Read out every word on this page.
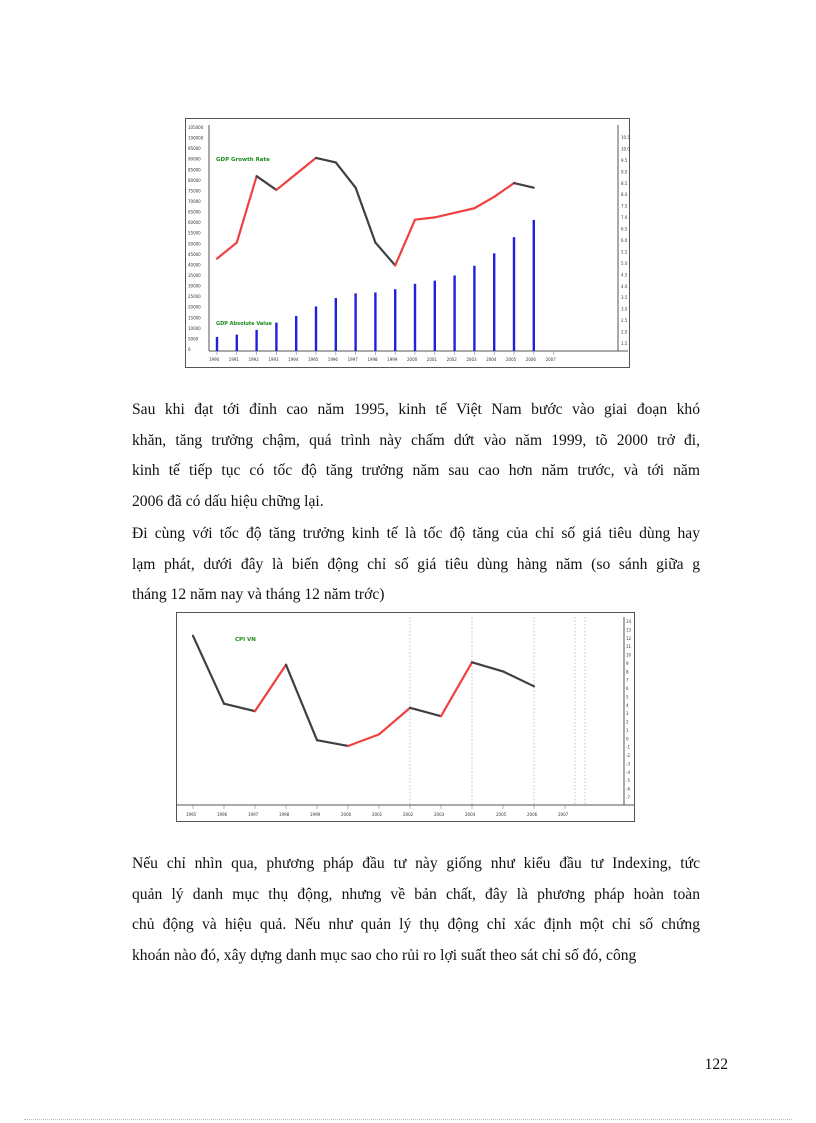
0
5000
10000
15000
20000
25000
30000
35000
40000
45000
50000
55000
60000
65000
70000
75000
80000
85000
90000
95000
100000
105000
1.5
2.0
2.5
3.0
3.5
4.0
4.5
5.0
5.5
6.0
6.5
7.0
7.5
8.0
8.5
9.0
9.5
10.0
10.5
1990 1991 1992 1993 1994 1995 1996 1997 1998 1999 2000 2001 2002 2003 2004 2005 2006 2007
GDP Growth Rate
GDP Absolute Value
Sau khi đạt tới đỉnh cao năm 1995, kinh tế Việt Nam bước vào giai đoạn khó
khăn, tăng trưởng chậm, quá trình này chấm dứt vào năm 1999, tõ 2000 trở đi,
kinh tế tiếp tục có tốc độ tăng trưởng năm sau cao hơn năm trước, và tới năm
2006 đã có dấu hiệu chững lại.
Đi cùng với tốc độ tăng trưởng kinh tế là tốc độ tăng của chỉ số giá tiêu dùng hay
lạm phát, dưới đây là biến động chỉ số giá tiêu dùng hàng năm (so sánh giữa g
tháng 12 năm nay và tháng 12 năm trớc)
1995	1996	1997	1998	1999	2000	2001	2002	2003	2004	2005	2006	2007
-7
-6
-5
-4
-3
-2
-1
0
1
2
3
4
5
6
7
8
9
10
11
12
13
14
CPI VN
Nếu chỉ nhìn qua, phương pháp đầu tư này giống như kiểu đầu tư Indexing, tức
quản lý danh mục thụ động, nhưng về bản chất, đây là phương pháp hoàn toàn
chủ động và hiệu quả. Nếu như quản lý thụ động chỉ xác định một chỉ số chứng
khoán nào đó, xây dựng danh mục sao cho rủi ro lợi suất theo sát chỉ số đó, công
122
